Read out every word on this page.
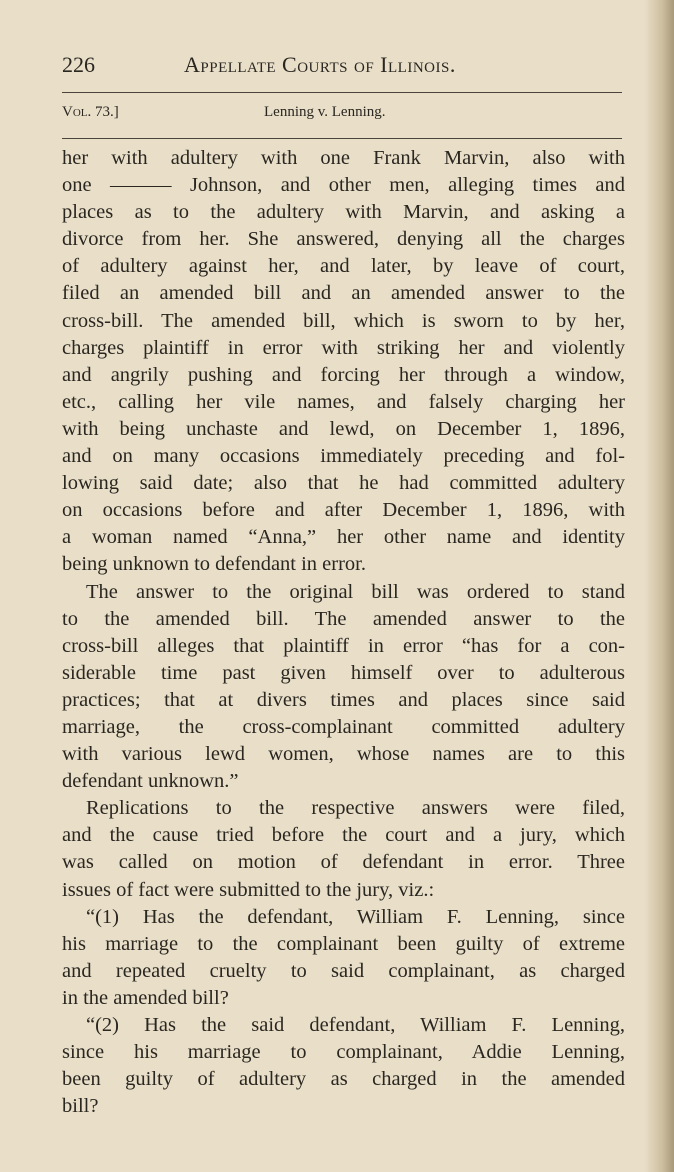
226	Appellate Courts of Illinois.
Vol. 73.]	Lenning v. Lenning.
her with adultery with one Frank Marvin, also with
one ——— Johnson, and other men, alleging times and
places as to the adultery with Marvin, and asking a
divorce from her. She answered, denying all the charges
of adultery against her, and later, by leave of court,
filed an amended bill and an amended answer to the
cross-bill. The amended bill, which is sworn to by her,
charges plaintiff in error with striking her and violently
and angrily pushing and forcing her through a window,
etc., calling her vile names, and falsely charging her
with being unchaste and lewd, on December 1, 1896,
and on many occasions immediately preceding and fol-
lowing said date; also that he had committed adultery
on occasions before and after December 1, 1896, with
a woman named “Anna,” her other name and identity
being unknown to defendant in error.
The answer to the original bill was ordered to stand
to the amended bill. The amended answer to the
cross-bill alleges that plaintiff in error “has for a con-
siderable time past given himself over to adulterous
practices; that at divers times and places since said
marriage, the cross-complainant committed adultery
with various lewd women, whose names are to this
defendant unknown.”
Replications to the respective answers were filed,
and the cause tried before the court and a jury, which
was called on motion of defendant in error. Three
issues of fact were submitted to the jury, viz.:
“(1) Has the defendant, William F. Lenning, since
his marriage to the complainant been guilty of extreme
and repeated cruelty to said complainant, as charged
in the amended bill?
“(2) Has the said defendant, William F. Lenning,
since his marriage to complainant, Addie Lenning,
been guilty of adultery as charged in the amended
bill?
